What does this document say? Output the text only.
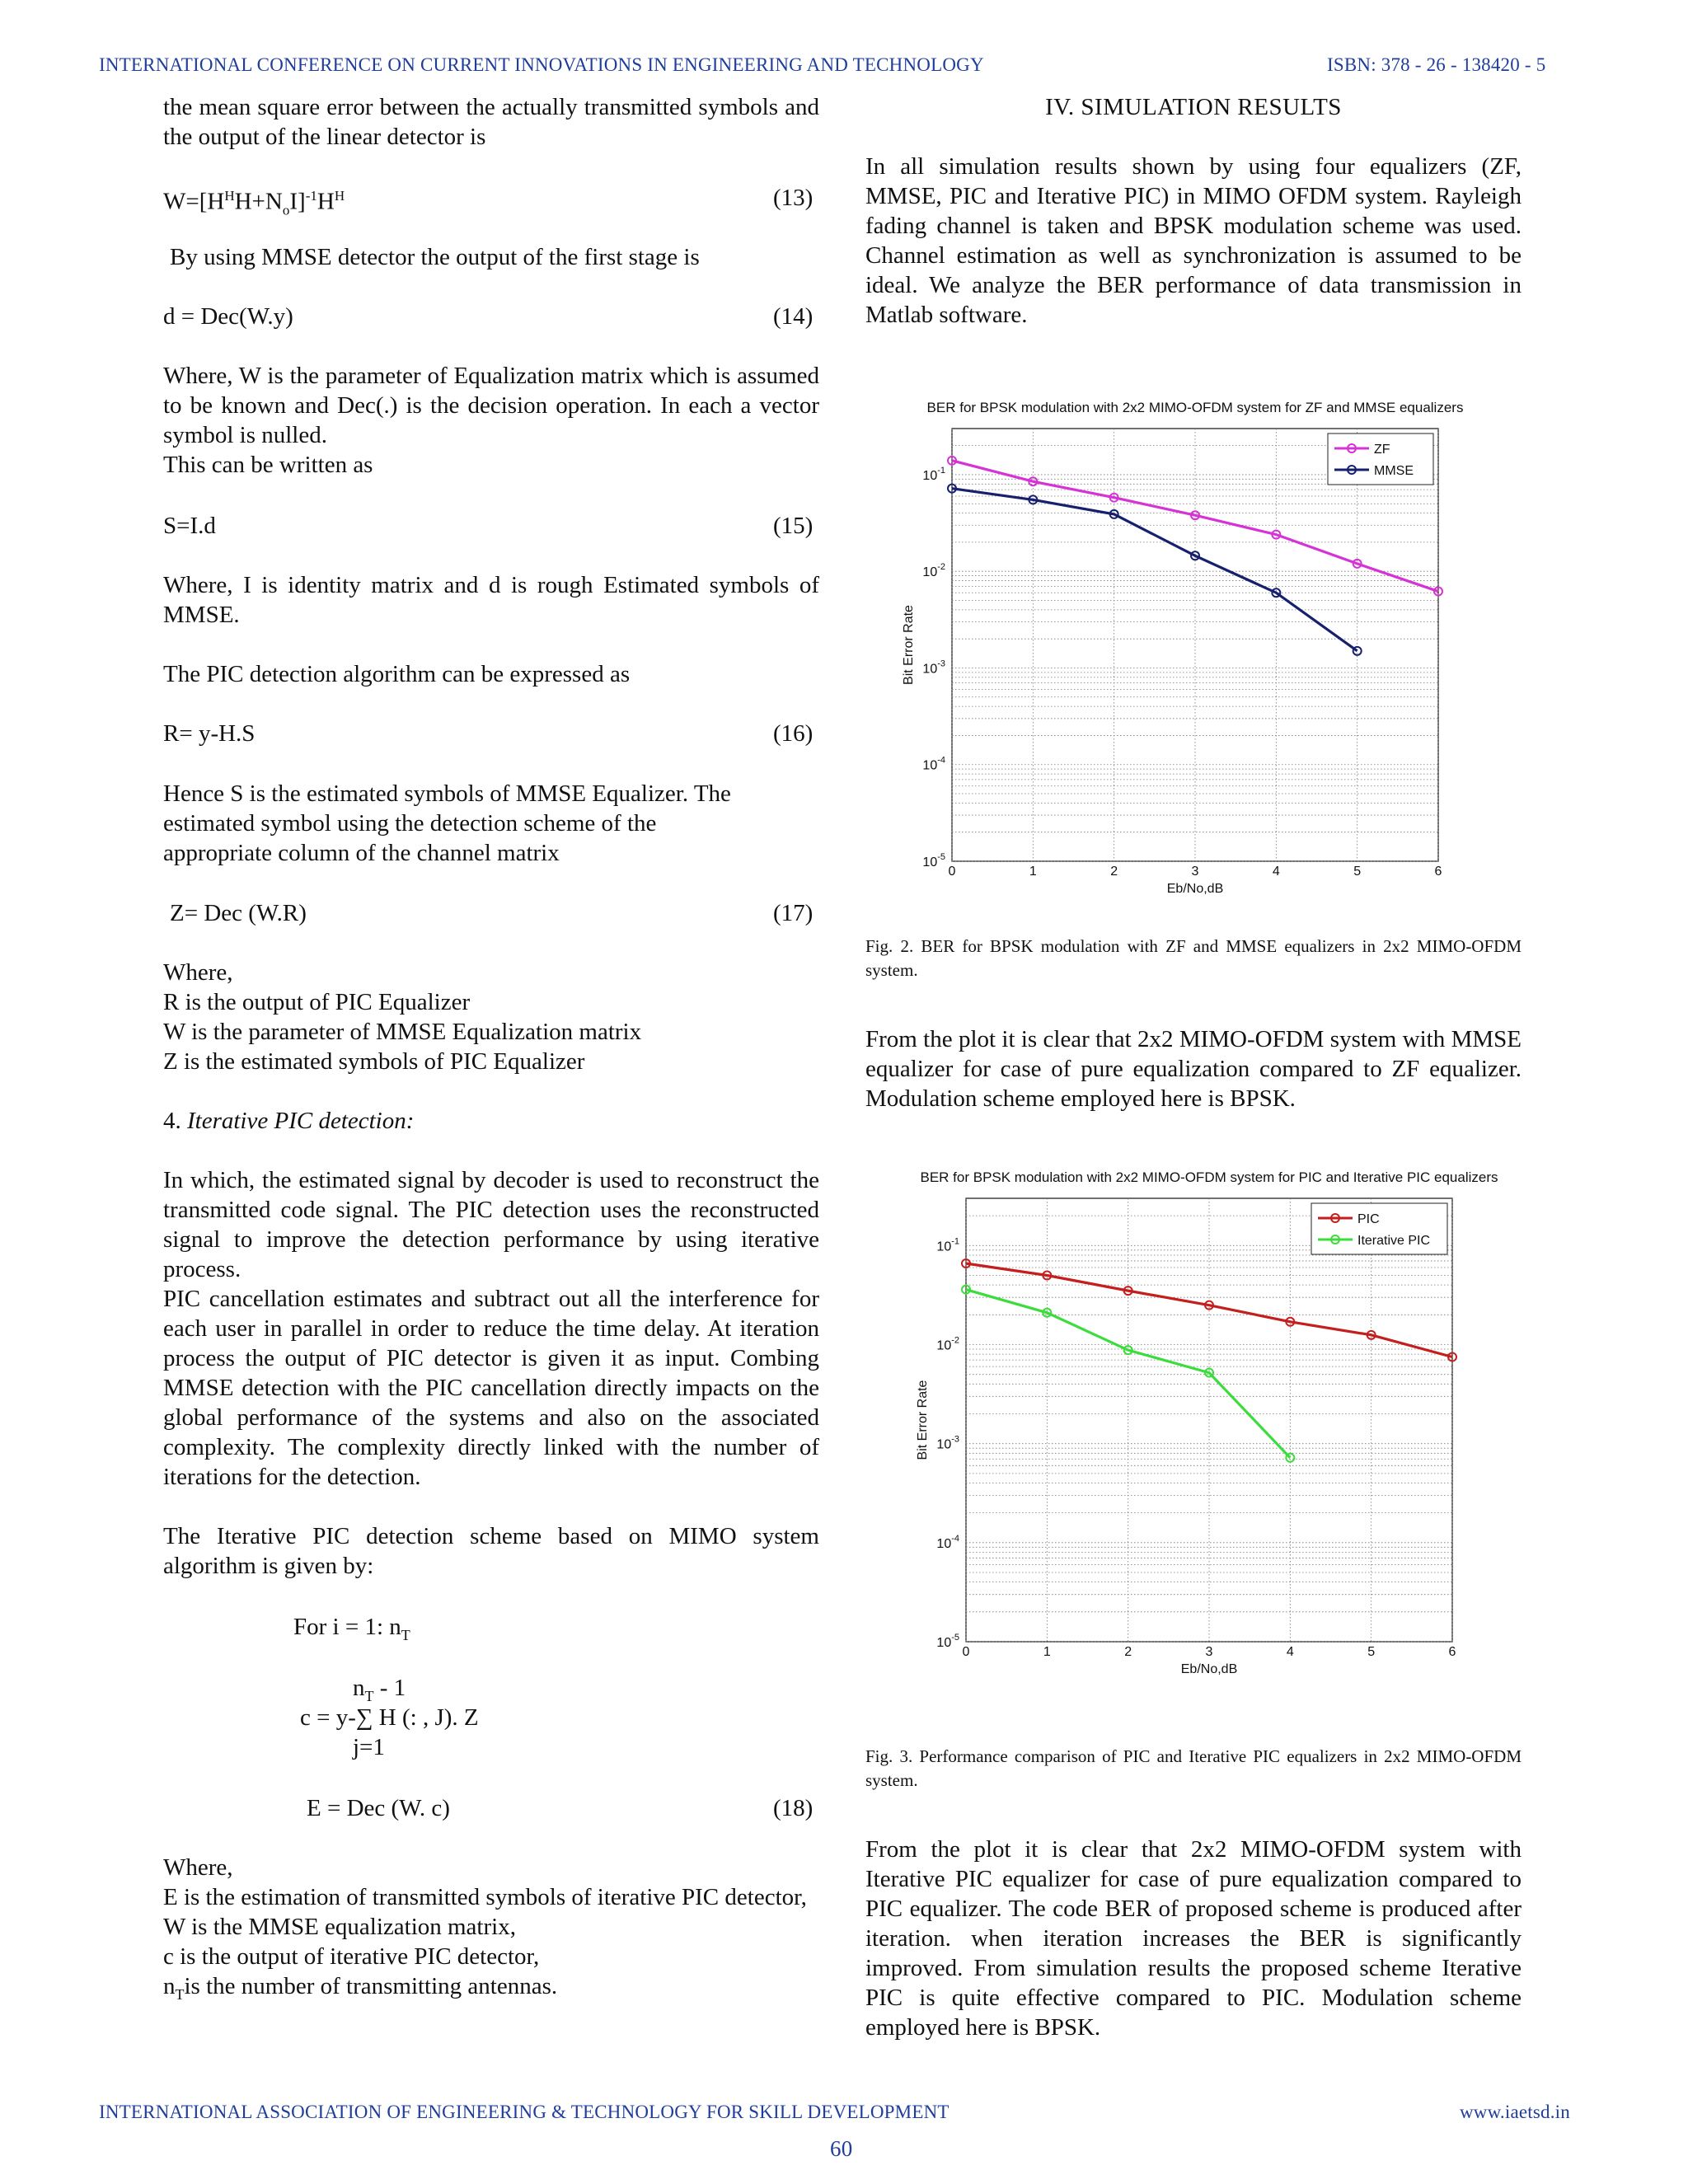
INTERNATIONAL CONFERENCE ON CURRENT INNOVATIONS IN ENGINEERING AND TECHNOLOGY	ISBN: 378 - 26 - 138420 - 5
the mean square error between the actually transmitted symbols and the output of the linear detector is
$W=[H^HH+N_oI]^{-1}H^H$	(13)
By using MMSE detector the output of the first stage is
d = Dec(W.y)	(14)
Where, W is the parameter of Equalization matrix which is assumed to be known and Dec(.) is the decision operation. In each a vector symbol is nulled.
This can be written as
S=I.d	(15)
Where, I is identity matrix and d is rough Estimated symbols of MMSE.
The PIC detection algorithm can be expressed as
R= y-H.S	(16)
Hence S is the estimated symbols of MMSE Equalizer. The
estimated symbol using the detection scheme of the
appropriate column of the channel matrix
Z= Dec (W.R)	(17)
Where,
R is the output of PIC Equalizer
W is the parameter of MMSE Equalization matrix
Z is the estimated symbols of PIC Equalizer
4. Iterative PIC detection:
In which, the estimated signal by decoder is used to reconstruct the transmitted code signal. The PIC detection uses the reconstructed signal to improve the detection performance by using iterative process.
PIC cancellation estimates and subtract out all the interference for each user in parallel in order to reduce the time delay. At iteration process the output of PIC detector is given it as input. Combing MMSE detection with the PIC cancellation directly impacts on the global performance of the systems and also on the associated complexity. The complexity directly linked with the number of iterations for the detection.
The Iterative PIC detection scheme based on MIMO system algorithm is given by:
For i = 1: $n_T$
$n_T - 1$
c = y-∑ H (: , J). Z
j=1
E = Dec (W. c)	(18)
Where,
E is the estimation of transmitted symbols of iterative PIC detector,
W is the MMSE equalization matrix,
c is the output of iterative PIC detector,
$n_Tis$ the number of transmitting antennas.
IV. SIMULATION RESULTS
In all simulation results shown by using four equalizers (ZF, MMSE, PIC and Iterative PIC) in MIMO OFDM system. Rayleigh fading channel is taken and BPSK modulation scheme was used. Channel estimation as well as synchronization is assumed to be ideal. We analyze the BER performance of data transmission in Matlab software.
BER for BPSK modulation with 2x2 MIMO-OFDM system for ZF and MMSE equalizers
0	1	2	3	4	5	6
$10^{-1}$
$10^{-2}$
$10^{-3}$
$10^{-4}$
$10^{-5}$
Eb/No,dB
Bit Error Rate
ZF
MMSE
Fig. 2. BER for BPSK modulation with ZF and MMSE equalizers in 2x2 MIMO-OFDM system.
From the plot it is clear that 2x2 MIMO-OFDM system with MMSE equalizer for case of pure equalization compared to ZF equalizer. Modulation scheme employed here is BPSK.
BER for BPSK modulation with 2x2 MIMO-OFDM system for PIC and Iterative PIC equalizers
0	1	2	3	4	5	6
$10^{-1}$
$10^{-2}$
$10^{-3}$
$10^{-4}$
$10^{-5}$
Eb/No,dB
Bit Error Rate
PIC
Iterative PIC
Fig. 3. Performance comparison of PIC and Iterative PIC equalizers in 2x2 MIMO-OFDM system.
From the plot it is clear that 2x2 MIMO-OFDM system with Iterative PIC equalizer for case of pure equalization compared to PIC equalizer. The code BER of proposed scheme is produced after iteration. when iteration increases the BER is significantly improved. From simulation results the proposed scheme Iterative PIC is quite effective compared to PIC. Modulation scheme employed here is BPSK.
INTERNATIONAL ASSOCIATION OF ENGINEERING & TECHNOLOGY FOR SKILL DEVELOPMENT	www.iaetsd.in
60
